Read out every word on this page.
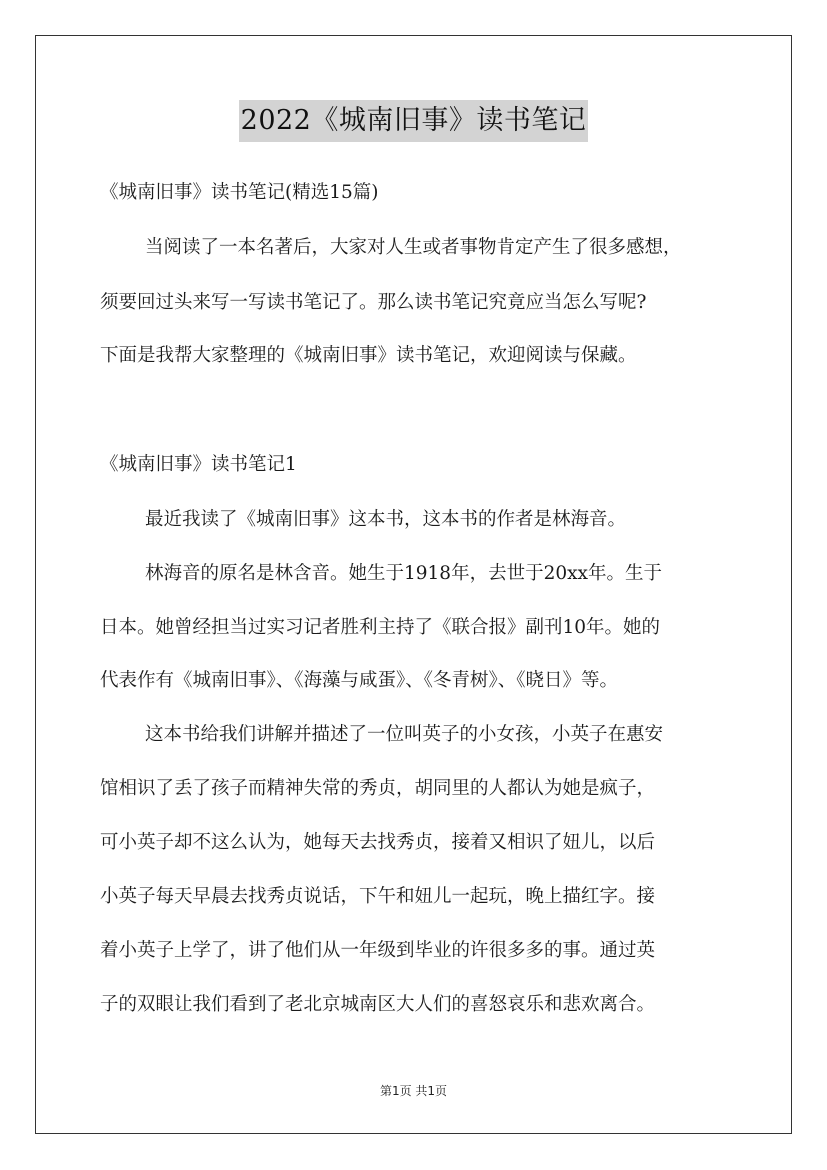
2022《城南旧事》读书笔记
《城南旧事》读书笔记(精选15篇)
当阅读了一本名著后，大家对人生或者事物肯定产生了很多感想，
须要回过头来写一写读书笔记了。那么读书笔记究竟应当怎么写呢?
下面是我帮大家整理的《城南旧事》读书笔记，欢迎阅读与保藏。
《城南旧事》读书笔记1
最近我读了《城南旧事》这本书，这本书的作者是林海音。
林海音的原名是林含音。她生于1918年，去世于20xx年。生于
日本。她曾经担当过实习记者胜利主持了《联合报》副刊10年。她的
代表作有《城南旧事》、《海藻与咸蛋》、《冬青树》、《晓日》等。
这本书给我们讲解并描述了一位叫英子的小女孩，小英子在惠安
馆相识了丢了孩子而精神失常的秀贞，胡同里的人都认为她是疯子，
可小英子却不这么认为，她每天去找秀贞，接着又相识了妞儿，以后
小英子每天早晨去找秀贞说话，下午和妞儿一起玩，晚上描红字。接
着小英子上学了，讲了他们从一年级到毕业的许很多多的事。通过英
子的双眼让我们看到了老北京城南区大人们的喜怒哀乐和悲欢离合。
第1页 共1页
